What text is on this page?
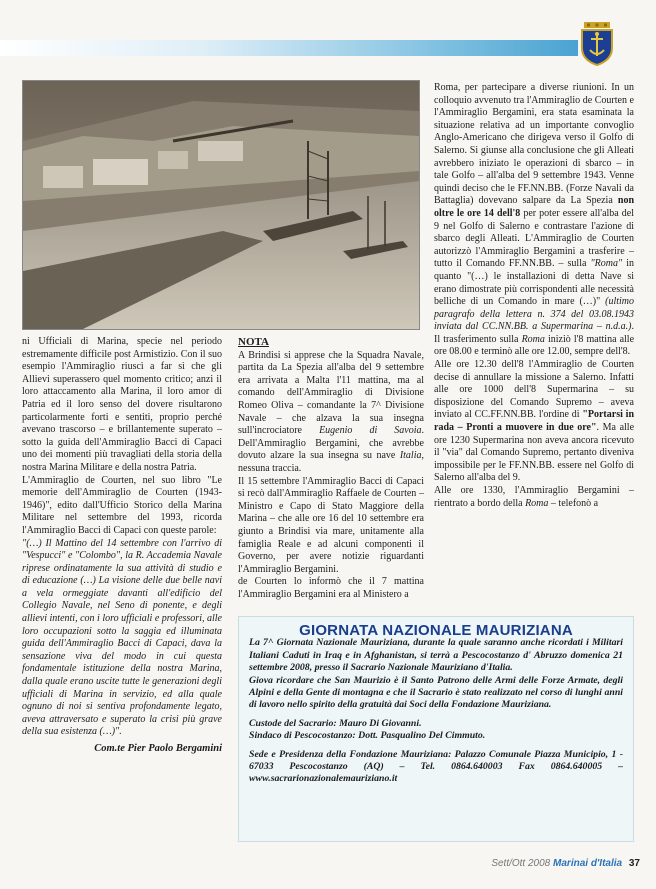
ni Ufficiali di Marina, specie nel periodo estremamente difficile post Armistizio. Con il suo esempio l'Ammiraglio riuscì a far sì che gli Allievi superassero quel momento critico; anzi il loro attaccamento alla Marina, il loro amor di Patria ed il loro senso del dovere risultarono particolarmente forti e sentiti, proprio perché avevano trascorso – e brillantemente superato – sotto la guida dell'Ammiraglio Bacci di Capaci uno dei momenti più travagliati della storia della nostra Marina Militare e della nostra Patria.

L'Ammiraglio de Courten, nel suo libro "Le memorie dell'Ammiraglio de Courten (1943-1946)", edito dall'Ufficio Storico della Marina Militare nel settembre del 1993, ricorda l'Ammiraglio Bacci di Capaci con queste parole:

"(…) Il Mattino del 14 settembre con l'arrivo di "Vespucci" e "Colombo", la R. Accademia Navale riprese ordinatamente la sua attività di studio e di educazione (…) La visione delle due belle navi a vela ormeggiate davanti all'edificio del Collegio Navale, nel Seno di ponente, e degli allievi intenti, con i loro ufficiali e professori, alle loro occupazioni sotto la saggia ed illuminata guida dell'Ammiraglio Bacci di Capaci, dava la sensazione viva del modo in cui questa fondamentale istituzione della nostra Marina, dalla quale erano uscite tutte le generazioni degli ufficiali di Marina in servizio, ed alla quale ognuno di noi si sentiva profondamente legato, aveva attraversato e superato la crisi più grave della sua esistenza (…)".

Com.te Pier Paolo Bergamini

NOTA

A Brindisi si apprese che la Squadra Navale, partita da La Spezia all'alba del 9 settembre era arrivata a Malta l'11 mattina, ma al comando dell'Ammiraglio di Divisione Romeo Oliva – comandante la 7^ Divisione Navale – che alzava la sua insegna sull'incrociatore Eugenio di Savoia. Dell'Ammiraglio Bergamini, che avrebbe dovuto alzare la sua insegna su nave Italia, nessuna traccia.

Il 15 settembre l'Ammiraglio Bacci di Capaci si recò dall'Ammiraglio Raffaele de Courten – Ministro e Capo di Stato Maggiore della Marina – che alle ore 16 del 10 settembre era giunto a Brindisi via mare, unitamente alla famiglia Reale e ad alcuni componenti il Governo, per avere notizie riguardanti l'Ammiraglio Bergamini.

de Courten lo informò che il 7 mattina l'Ammiraglio Bergamini era al Ministero a

Roma, per partecipare a diverse riunioni. In un colloquio avvenuto tra l'Ammiraglio de Courten e l'Ammiraglio Bergamini, era stata esaminata la situazione relativa ad un importante convoglio Anglo-Americano che dirigeva verso il Golfo di Salerno. Si giunse alla conclusione che gli Alleati avrebbero iniziato le operazioni di sbarco – in tale Golfo – all'alba del 9 settembre 1943. Venne quindi deciso che le FF.NN.BB. (Forze Navali da Battaglia) dovevano salpare da La Spezia non oltre le ore 14 dell'8 per poter essere all'alba del 9 nel Golfo di Salerno e contrastare l'azione di sbarco degli Alleati. L'Ammiraglio de Courten autorizzò l'Ammiraglio Bergamini a trasferire – tutto il Comando FF.NN.BB. – sulla "Roma" in quanto "(…) le installazioni di detta Nave si erano dimostrate più corrispondenti alle necessità belliche di un Comando in mare (…)" (ultimo paragrafo della lettera n. 374 del 03.08.1943 inviata dal CC.NN.BB. a Supermarina – n.d.a.). Il trasferimento sulla Roma iniziò l'8 mattina alle ore 08.00 e terminò alle ore 12.00, sempre dell'8.

Alle ore 12.30 dell'8 l'Ammiraglio de Courten decise di annullare la missione a Salerno. Infatti alle ore 1000 dell'8 Supermarina – su disposizione del Comando Supremo – aveva inviato al CC.FF.NN.BB. l'ordine di "Portarsi in rada – Pronti a muovere in due ore". Ma alle ore 1230 Supermarina non aveva ancora ricevuto il "via" dal Comando Supremo, pertanto diveniva impossibile per le FF.NN.BB. essere nel Golfo di Salerno all'alba del 9.

Alle ore 1330, l'Ammiraglio Bergamini – rientrato a bordo della Roma – telefonò a

GIORNATA NAZIONALE MAURIZIANA

La 7^ Giornata Nazionale Mauriziana, durante la quale saranno anche ricordati i Militari Italiani Caduti in Iraq e in Afghanistan, si terrà a Pescocostanzo d' Abruzzo domenica 21 settembre 2008, presso il Sacrario Nazionale Mauriziano d'Italia.

Giova ricordare che San Maurizio è il Santo Patrono delle Armi delle Forze Armate, degli Alpini e della Gente di montagna e che il Sacrario è stato realizzato nel corso di lunghi anni di lavoro nello spirito della gratuità dai Soci della Fondazione Mauriziana.

Custode del Sacrario: Mauro Di Giovanni.

Sindaco di Pescocostanzo: Dott. Pasqualino Del Cimmuto.

Sede e Presidenza della Fondazione Mauriziana: Palazzo Comunale Piazza Municipio, 1 - 67033 Pescocostanzo (AQ) – Tel. 0864.640003 Fax 0864.640005 – www.sacrarionazionalemauriziano.it

Sett/Ott 2008 Marinai d'Italia 37
